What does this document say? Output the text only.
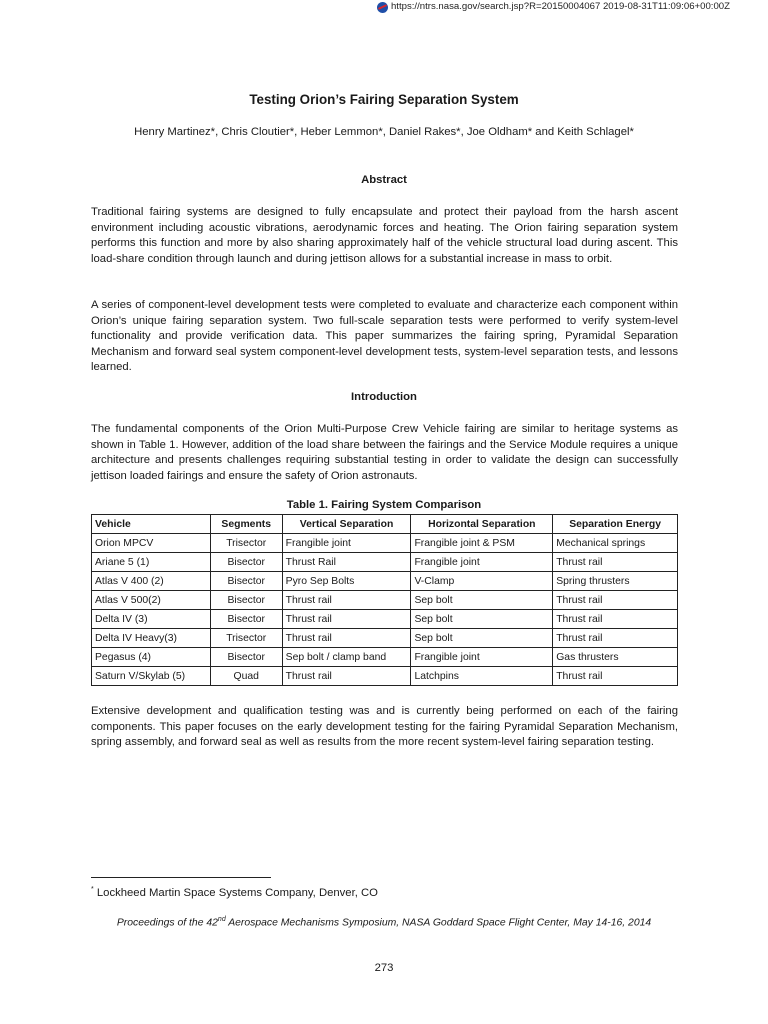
https://ntrs.nasa.gov/search.jsp?R=20150004067 2019-08-31T11:09:06+00:00Z
Testing Orion’s Fairing Separation System

Henry Martinez*, Chris Cloutier*, Heber Lemmon*, Daniel Rakes*, Joe Oldham* and Keith Schlagel*

Abstract

Traditional fairing systems are designed to fully encapsulate and protect their payload from the harsh ascent environment including acoustic vibrations, aerodynamic forces and heating. The Orion fairing separation system performs this function and more by also sharing approximately half of the vehicle structural load during ascent. This load-share condition through launch and during jettison allows for a substantial increase in mass to orbit.

A series of component-level development tests were completed to evaluate and characterize each component within Orion’s unique fairing separation system. Two full-scale separation tests were performed to verify system-level functionality and provide verification data. This paper summarizes the fairing spring, Pyramidal Separation Mechanism and forward seal system component-level development tests, system-level separation tests, and lessons learned.

Introduction

The fundamental components of the Orion Multi-Purpose Crew Vehicle fairing are similar to heritage systems as shown in Table 1. However, addition of the load share between the fairings and the Service Module requires a unique architecture and presents challenges requiring substantial testing in order to validate the design can successfully jettison loaded fairings and ensure the safety of Orion astronauts.

Table 1. Fairing System Comparison

Vehicle	Segments	Vertical Separation	Horizontal Separation	Separation Energy
Orion MPCV	Trisector	Frangible joint	Frangible joint & PSM	Mechanical springs
Ariane 5 (1)	Bisector	Thrust Rail	Frangible joint	Thrust rail
Atlas V 400 (2)	Bisector	Pyro Sep Bolts	V-Clamp	Spring thrusters
Atlas V 500(2)	Bisector	Thrust rail	Sep bolt	Thrust rail
Delta IV (3)	Bisector	Thrust rail	Sep bolt	Thrust rail
Delta IV Heavy(3)	Trisector	Thrust rail	Sep bolt	Thrust rail
Pegasus (4)	Bisector	Sep bolt / clamp band	Frangible joint	Gas thrusters
Saturn V/Skylab (5)	Quad	Thrust rail	Latchpins	Thrust rail

Extensive development and qualification testing was and is currently being performed on each of the fairing components. This paper focuses on the early development testing for the fairing Pyramidal Separation Mechanism, spring assembly, and forward seal as well as results from the more recent system-level fairing separation testing.

* Lockheed Martin Space Systems Company, Denver, CO

Proceedings of the 42nd Aerospace Mechanisms Symposium, NASA Goddard Space Flight Center, May 14-16, 2014

273
